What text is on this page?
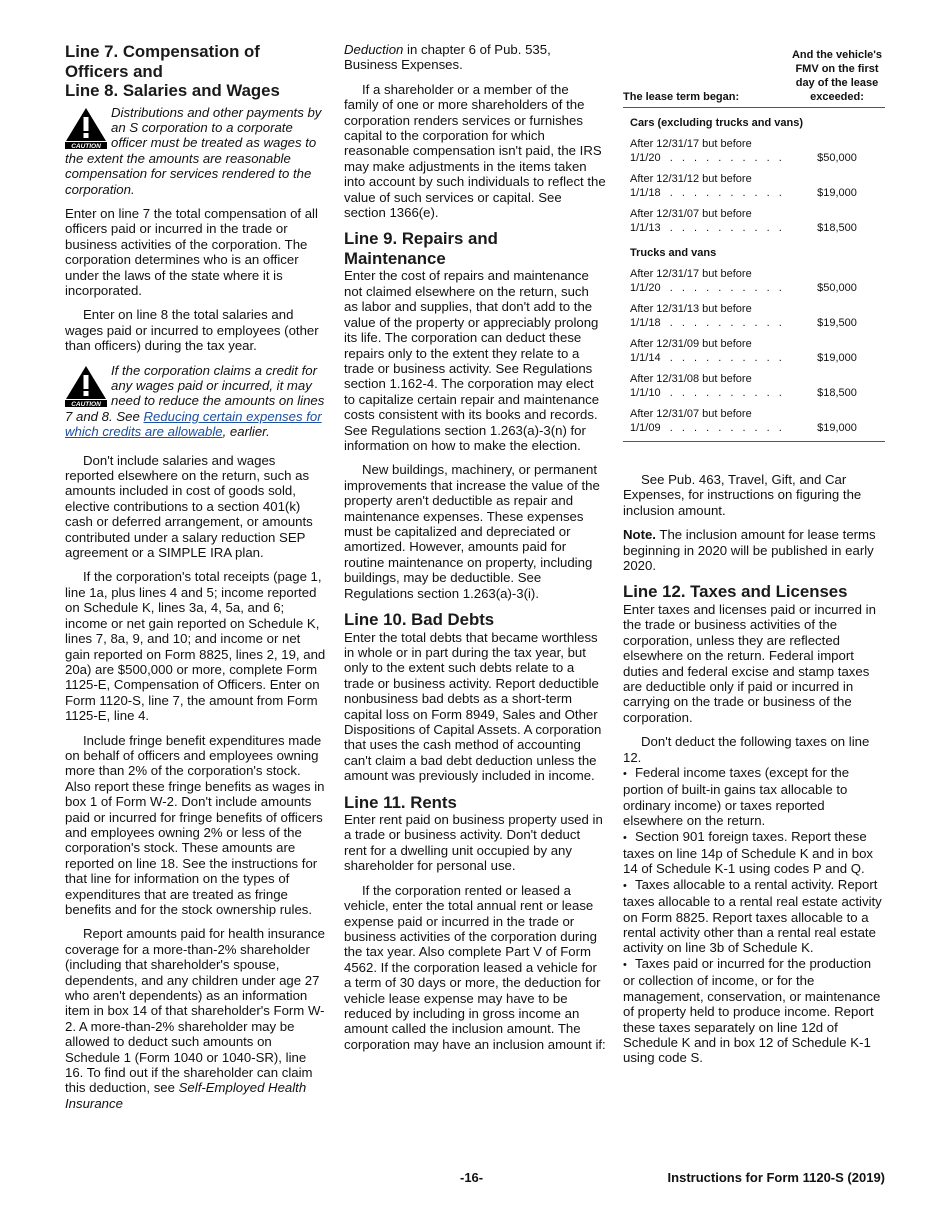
Line 7. Compensation of
Officers and
Line 8. Salaries and Wages
CAUTION
Distributions and other payments by an S corporation to a corporate officer must be treated as wages to the extent the amounts are reasonable compensation for services rendered to the corporation.

Enter on line 7 the total compensation of all officers paid or incurred in the trade or business activities of the corporation. The corporation determines who is an officer under the laws of the state where it is incorporated.

Enter on line 8 the total salaries and wages paid or incurred to employees (other than officers) during the tax year.

CAUTION
If the corporation claims a credit for any wages paid or incurred, it may need to reduce the amounts on lines 7 and 8. See Reducing certain expenses for which credits are allowable, earlier.

Don't include salaries and wages reported elsewhere on the return, such as amounts included in cost of goods sold, elective contributions to a section 401(k) cash or deferred arrangement, or amounts contributed under a salary reduction SEP agreement or a SIMPLE IRA plan.

If the corporation's total receipts (page 1, line 1a, plus lines 4 and 5; income reported on Schedule K, lines 3a, 4, 5a, and 6; income or net gain reported on Schedule K, lines 7, 8a, 9, and 10; and income or net gain reported on Form 8825, lines 2, 19, and 20a) are $500,000 or more, complete Form 1125-E, Compensation of Officers. Enter on Form 1120-S, line 7, the amount from Form 1125-E, line 4.

Include fringe benefit expenditures made on behalf of officers and employees owning more than 2% of the corporation's stock. Also report these fringe benefits as wages in box 1 of Form W-2. Don't include amounts paid or incurred for fringe benefits of officers and employees owning 2% or less of the corporation's stock. These amounts are reported on line 18. See the instructions for that line for information on the types of expenditures that are treated as fringe benefits and for the stock ownership rules.

Report amounts paid for health insurance coverage for a more-than-2% shareholder (including that shareholder's spouse, dependents, and any children under age 27 who aren't dependents) as an information item in box 14 of that shareholder's Form W-2. A more-than-2% shareholder may be allowed to deduct such amounts on Schedule 1 (Form 1040 or 1040-SR), line 16. To find out if the shareholder can claim this deduction, see Self-Employed Health Insurance

Deduction in chapter 6 of Pub. 535, Business Expenses.

If a shareholder or a member of the family of one or more shareholders of the corporation renders services or furnishes capital to the corporation for which reasonable compensation isn't paid, the IRS may make adjustments in the items taken into account by such individuals to reflect the value of such services or capital. See section 1366(e).

Line 9. Repairs and
Maintenance

Enter the cost of repairs and maintenance not claimed elsewhere on the return, such as labor and supplies, that don't add to the value of the property or appreciably prolong its life. The corporation can deduct these repairs only to the extent they relate to a trade or business activity. See Regulations section 1.162-4. The corporation may elect to capitalize certain repair and maintenance costs consistent with its books and records. See Regulations section 1.263(a)-3(n) for information on how to make the election.

New buildings, machinery, or permanent improvements that increase the value of the property aren't deductible as repair and maintenance expenses. These expenses must be capitalized and depreciated or amortized. However, amounts paid for routine maintenance on property, including buildings, may be deductible. See Regulations section 1.263(a)-3(i).

Line 10. Bad Debts

Enter the total debts that became worthless in whole or in part during the tax year, but only to the extent such debts relate to a trade or business activity. Report deductible nonbusiness bad debts as a short-term capital loss on Form 8949, Sales and Other Dispositions of Capital Assets. A corporation that uses the cash method of accounting can't claim a bad debt deduction unless the amount was previously included in income.

Line 11. Rents

Enter rent paid on business property used in a trade or business activity. Don't deduct rent for a dwelling unit occupied by any shareholder for personal use.

If the corporation rented or leased a vehicle, enter the total annual rent or lease expense paid or incurred in the trade or business activities of the corporation during the tax year. Also complete Part V of Form 4562. If the corporation leased a vehicle for a term of 30 days or more, the deduction for vehicle lease expense may have to be reduced by including in gross income an amount called the inclusion amount. The corporation may have an inclusion amount if:

The lease term began:	And the vehicle's FMV on the first day of the lease exceeded:
Cars (excluding trucks and vans)	
After 12/31/17 but before
1/1/20 . . . . . . . . . .	$50,000
After 12/31/12 but before
1/1/18 . . . . . . . . . .	$19,000
After 12/31/07 but before
1/1/13 . . . . . . . . . .	$18,500
Trucks and vans	
After 12/31/17 but before
1/1/20 . . . . . . . . . .	$50,000
After 12/31/13 but before
1/1/18 . . . . . . . . . .	$19,500
After 12/31/09 but before
1/1/14 . . . . . . . . . .	$19,000
After 12/31/08 but before
1/1/10 . . . . . . . . . .	$18,500
After 12/31/07 but before
1/1/09 . . . . . . . . . .	$19,000

See Pub. 463, Travel, Gift, and Car Expenses, for instructions on figuring the inclusion amount.

Note. The inclusion amount for lease terms beginning in 2020 will be published in early 2020.

Line 12. Taxes and Licenses

Enter taxes and licenses paid or incurred in the trade or business activities of the corporation, unless they are reflected elsewhere on the return. Federal import duties and federal excise and stamp taxes are deductible only if paid or incurred in carrying on the trade or business of the corporation.

Don't deduct the following taxes on line 12.

• Federal income taxes (except for the portion of built-in gains tax allocable to ordinary income) or taxes reported elsewhere on the return.

• Section 901 foreign taxes. Report these taxes on line 14p of Schedule K and in box 14 of Schedule K-1 using codes P and Q.

• Taxes allocable to a rental activity. Report taxes allocable to a rental real estate activity on Form 8825. Report taxes allocable to a rental activity other than a rental real estate activity on line 3b of Schedule K.

• Taxes paid or incurred for the production or collection of income, or for the management, conservation, or maintenance of property held to produce income. Report these taxes separately on line 12d of Schedule K and in box 12 of Schedule K-1 using code S.

-16-	Instructions for Form 1120-S (2019)
